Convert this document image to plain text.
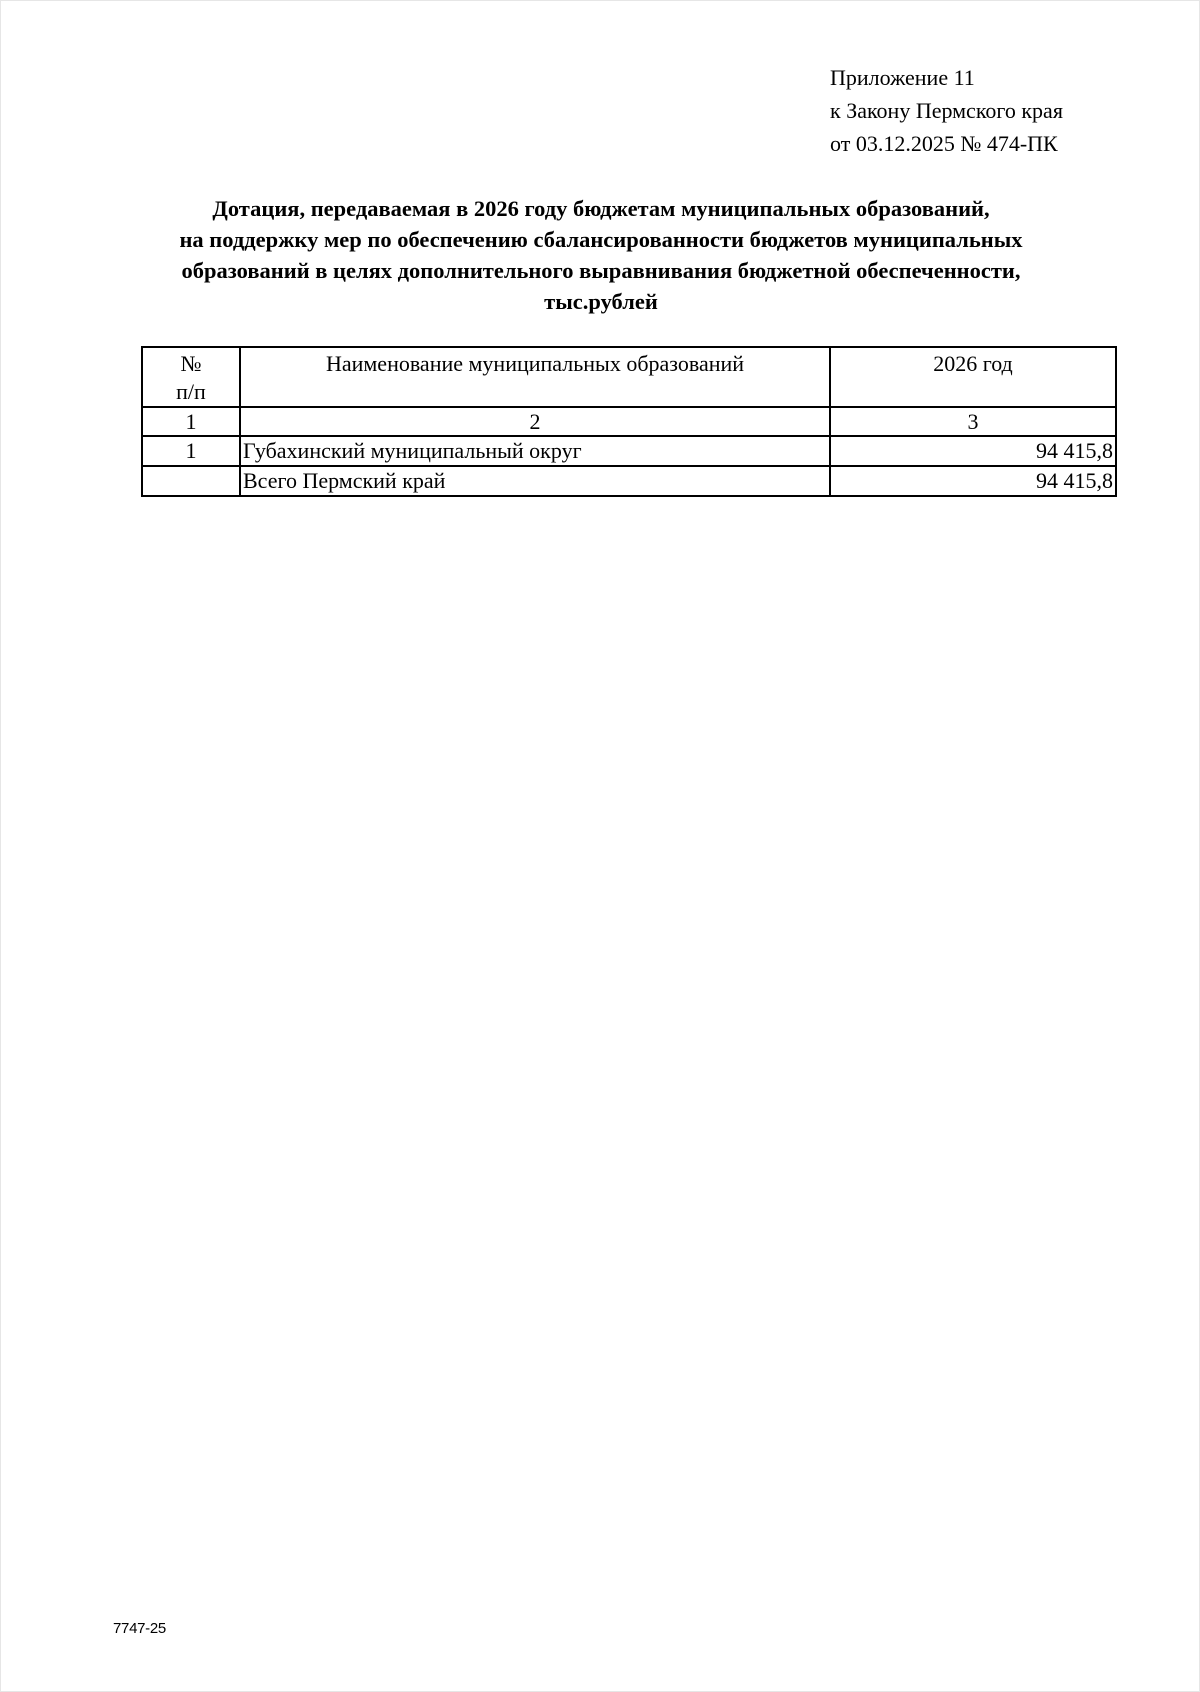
Приложение 11
к Закону Пермского края
от 03.12.2025 № 474-ПК
Дотация, передаваемая в 2026 году бюджетам муниципальных образований,
на поддержку мер по обеспечению сбалансированности бюджетов муниципальных
образований в целях дополнительного выравнивания бюджетной обеспеченности,
тыс.рублей
№
п/п	Наименование муниципальных образований	2026 год
1	2	3
1	Губахинский муниципальный округ	94 415,8
	Всего Пермский край	94 415,8
7747-25
